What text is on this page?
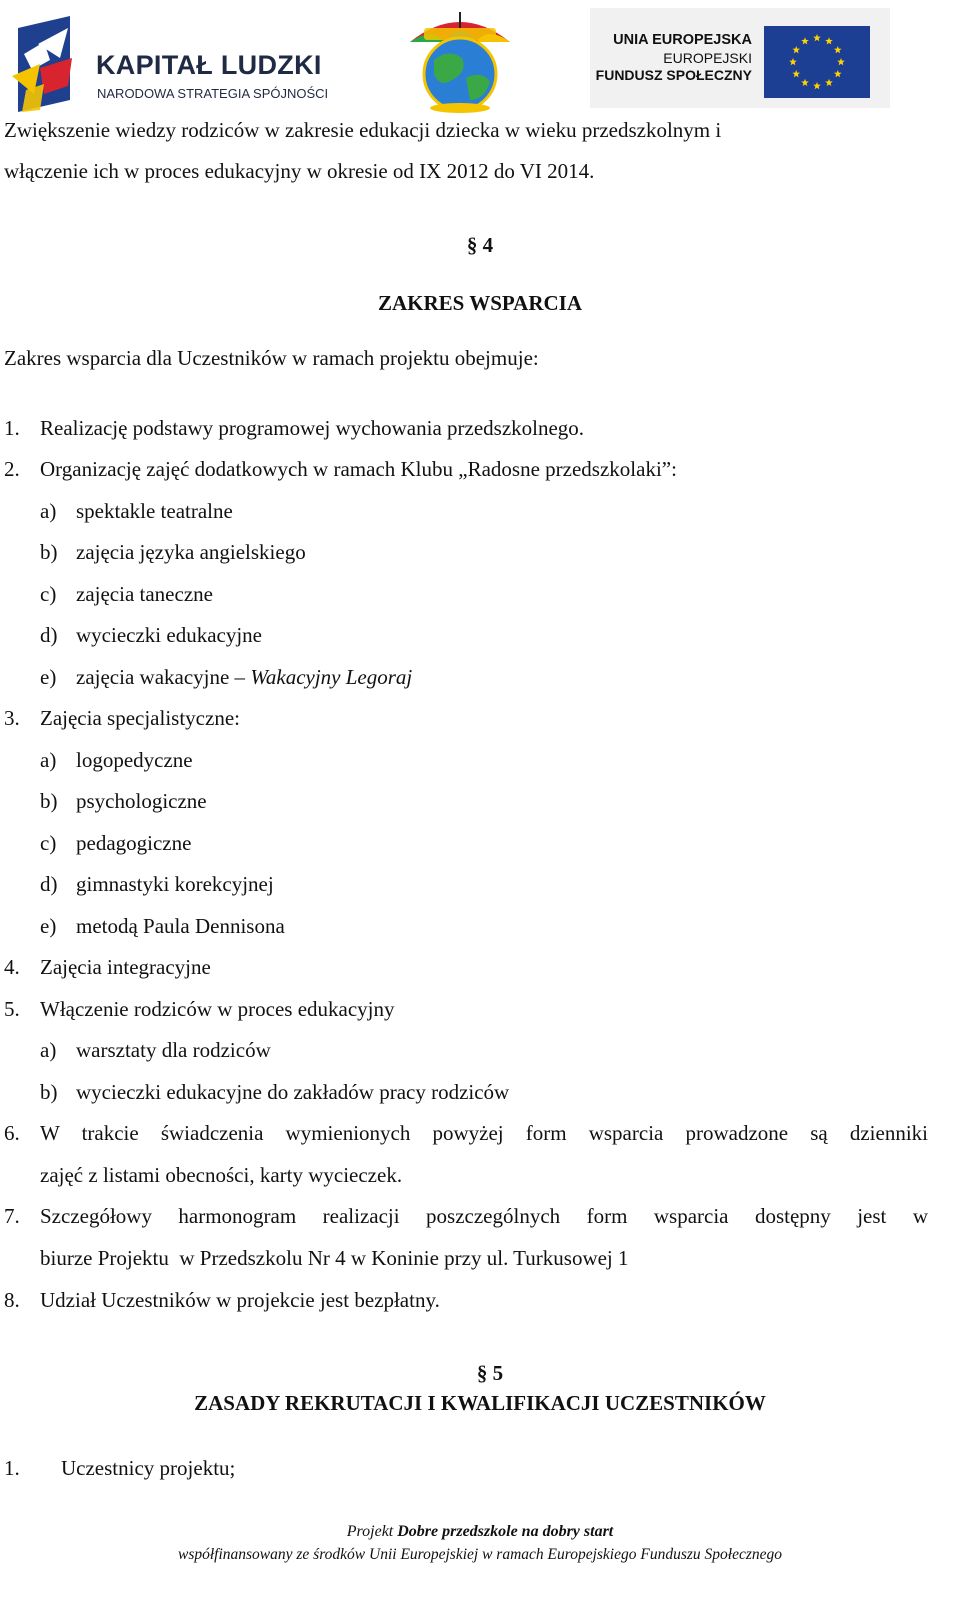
KAPITAŁ LUDZKI
NARODOWA STRATEGIA SPÓJNOŚCI
UNIA EUROPEJSKA
EUROPEJSKI
FUNDUSZ SPOŁECZNY
Zwiększenie wiedzy rodziców w zakresie edukacji dziecka w wieku przedszkolnym i
włączenie ich w proces edukacyjny w okresie od IX 2012 do VI 2014.
§ 4
ZAKRES WSPARCIA
Zakres wsparcia dla Uczestników w ramach projektu obejmuje:
1. Realizację podstawy programowej wychowania przedszkolnego.
2. Organizację zajęć dodatkowych w ramach Klubu „Radosne przedszkolaki”:
a) spektakle teatralne
b) zajęcia języka angielskiego
c) zajęcia taneczne
d) wycieczki edukacyjne
e) zajęcia wakacyjne – Wakacyjny Legoraj
3. Zajęcia specjalistyczne:
a) logopedyczne
b) psychologiczne
c) pedagogiczne
d) gimnastyki korekcyjnej
e) metodą Paula Dennisona
4. Zajęcia integracyjne
5. Włączenie rodziców w proces edukacyjny
a) warsztaty dla rodziców
b) wycieczki edukacyjne do zakładów pracy rodziców
6. W trakcie świadczenia wymienionych powyżej form wsparcia prowadzone są dzienniki
zajęć z listami obecności, karty wycieczek.
7. Szczegółowy harmonogram realizacji poszczególnych form wsparcia dostępny jest w
biurze Projektu  w Przedszkolu Nr 4 w Koninie przy ul. Turkusowej 1
8. Udział Uczestników w projekcie jest bezpłatny.
§ 5
ZASADY REKRUTACJI I KWALIFIKACJI UCZESTNIKÓW
1. Uczestnicy projektu;
Projekt Dobre przedszkole na dobry start
współfinansowany ze środków Unii Europejskiej w ramach Europejskiego Funduszu Społecznego
